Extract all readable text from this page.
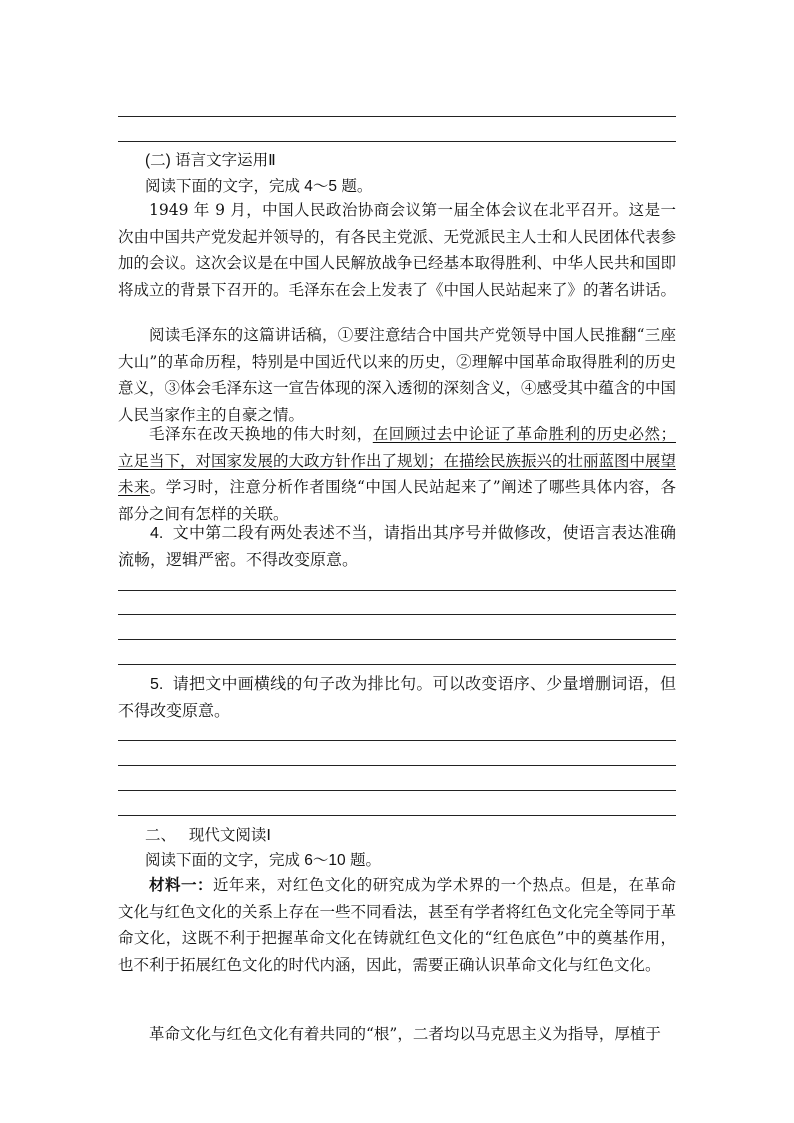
(二) 语言文字运用Ⅱ
阅读下面的文字，完成 4～5 题。
1949 年 9 月，中国人民政治协商会议第一届全体会议在北平召开。这是一次由中国共产党发起并领导的，有各民主党派、无党派民主人士和人民团体代表参加的会议。这次会议是在中国人民解放战争已经基本取得胜利、中华人民共和国即将成立的背景下召开的。毛泽东在会上发表了《中国人民站起来了》的著名讲话。
阅读毛泽东的这篇讲话稿，①要注意结合中国共产党领导中国人民推翻“三座大山”的革命历程，特别是中国近代以来的历史，②理解中国革命取得胜利的历史意义，③体会毛泽东这一宣告体现的深入透彻的深刻含义，④感受其中蕴含的中国人民当家作主的自豪之情。
毛泽东在改天换地的伟大时刻，在回顾过去中论证了革命胜利的历史必然；立足当下，对国家发展的大政方针作出了规划；在描绘民族振兴的壮丽蓝图中展望未来。学习时，注意分析作者围绕“中国人民站起来了”阐述了哪些具体内容，各部分之间有怎样的关联。
4. 文中第二段有两处表述不当，请指出其序号并做修改，使语言表达准确流畅，逻辑严密。不得改变原意。
5. 请把文中画横线的句子改为排比句。可以改变语序、少量增删词语，但不得改变原意。
二、   现代文阅读Ⅰ
阅读下面的文字，完成 6～10 题。
材料一：近年来，对红色文化的研究成为学术界的一个热点。但是，在革命文化与红色文化的关系上存在一些不同看法，甚至有学者将红色文化完全等同于革命文化，这既不利于把握革命文化在铸就红色文化的“红色底色”中的奠基作用，也不利于拓展红色文化的时代内涵，因此，需要正确认识革命文化与红色文化。
革命文化与红色文化有着共同的“根”，二者均以马克思主义为指导，厚植于
